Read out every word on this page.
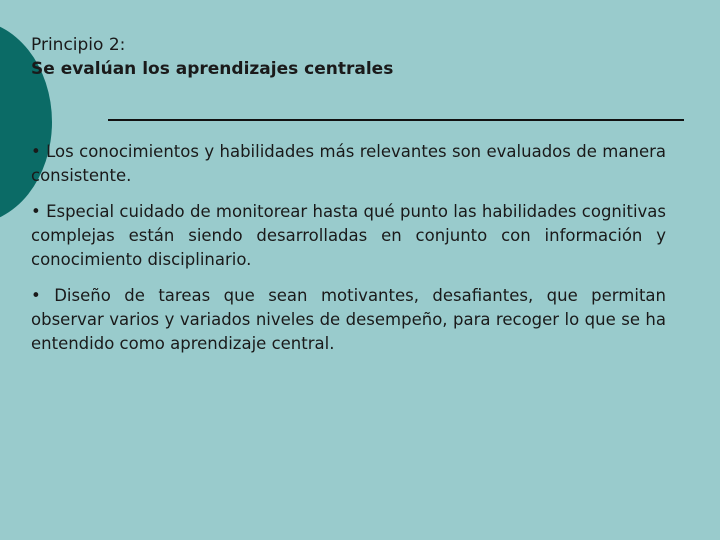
Principio 2:

Se evalúan los aprendizajes centrales

• Los conocimientos y habilidades más relevantes son evaluados de manera consistente.

• Especial cuidado de monitorear hasta qué punto las habilidades cognitivas complejas están siendo desarrolladas en conjunto con información y conocimiento disciplinario.

• Diseño de tareas que sean motivantes, desafiantes, que permitan observar varios y variados niveles de desempeño, para recoger lo que se ha entendido como aprendizaje central.
